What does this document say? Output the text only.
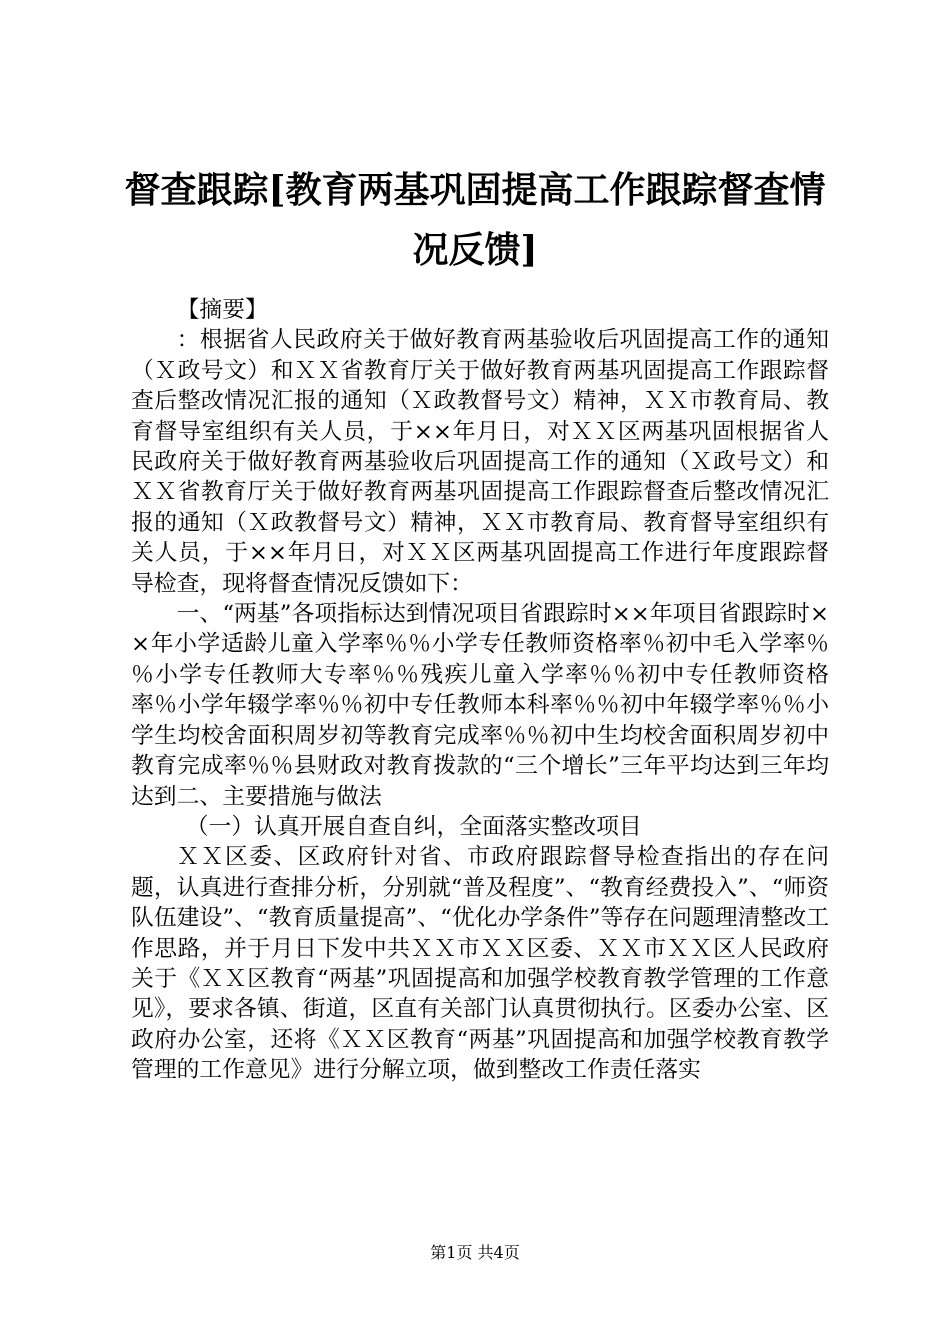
督查跟踪[教育两基巩固提高工作跟踪督查情况反馈]

【摘要】

：根据省人民政府关于做好教育两基验收后巩固提高工作的通知（Ｘ政号文）和ＸＸ省教育厅关于做好教育两基巩固提高工作跟踪督查后整改情况汇报的通知（Ｘ政教督号文）精神，ＸＸ市教育局、教育督导室组织有关人员，于××年月日，对ＸＸ区两基巩固根据省人民政府关于做好教育两基验收后巩固提高工作的通知（Ｘ政号文）和ＸＸ省教育厅关于做好教育两基巩固提高工作跟踪督查后整改情况汇报的通知（Ｘ政教督号文）精神，ＸＸ市教育局、教育督导室组织有关人员，于××年月日，对ＸＸ区两基巩固提高工作进行年度跟踪督导检查，现将督查情况反馈如下：

一、“两基”各项指标达到情况项目省跟踪时××年项目省跟踪时××年小学适龄儿童入学率％％小学专任教师资格率％初中毛入学率％％小学专任教师大专率％％残疾儿童入学率％％初中专任教师资格率％小学年辍学率％％初中专任教师本科率％％初中年辍学率％％小学生均校舍面积周岁初等教育完成率％％初中生均校舍面积周岁初中教育完成率％％县财政对教育拨款的“三个增长”三年平均达到三年均达到二、主要措施与做法

（一）认真开展自查自纠，全面落实整改项目

ＸＸ区委、区政府针对省、市政府跟踪督导检查指出的存在问题，认真进行查排分析，分别就“普及程度”、“教育经费投入”、“师资队伍建设”、“教育质量提高”、“优化办学条件”等存在问题理清整改工作思路，并于月日下发中共ＸＸ市ＸＸ区委、ＸＸ市ＸＸ区人民政府关于《ＸＸ区教育“两基”巩固提高和加强学校教育教学管理的工作意见》，要求各镇、街道，区直有关部门认真贯彻执行。区委办公室、区政府办公室，还将《ＸＸ区教育“两基”巩固提高和加强学校教育教学管理的工作意见》进行分解立项，做到整改工作责任落实

第1页 共4页
